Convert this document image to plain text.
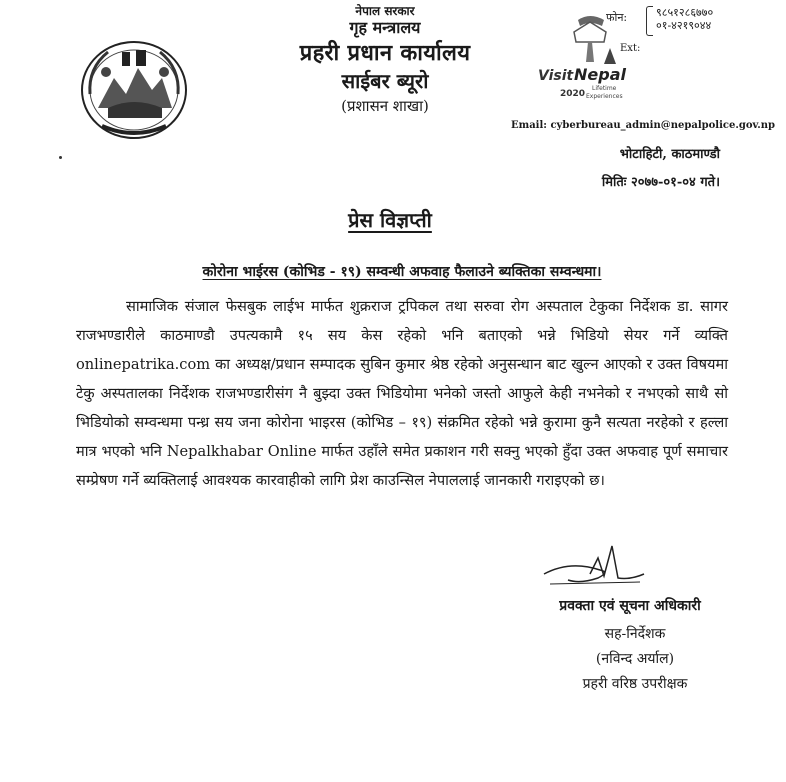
नेपाल सरकार
गृह मन्त्रालय
प्रहरी प्रधान कार्यालय
साईबर ब्यूरो
(प्रशासन शाखा)
फोन:	९८५१२८६७७०
०१-४२१९०४४
Ext:
Visit Nepal
2020
Lifetime
Experiences
Email: cyberbureau_admin@nepalpolice.gov.np
भोटाहिटी, काठमाण्डौ
मितिः २०७७-०१-०४ गते।
प्रेस विज्ञप्ती
कोरोना भाईरस (कोभिड - १९) सम्वन्धी अफवाह फैलाउने ब्यक्तिका सम्वन्धमा।
सामाजिक संजाल फेसबुक लाईभ मार्फत शुक्रराज ट्रपिकल तथा सरुवा रोग अस्पताल टेकुका निर्देशक डा. सागर राजभण्डारीले काठमाण्डौ उपत्यकामै १५ सय केस रहेको भनि बताएको भन्ने भिडियो सेयर गर्ने व्यक्ति onlinepatrika.com का अध्यक्ष/प्रधान सम्पादक सुबिन कुमार श्रेष्ठ रहेको अनुसन्धान बाट खुल्न आएको र उक्त विषयमा टेकु अस्पतालका निर्देशक राजभण्डारीसंग नै बुझ्दा उक्त भिडियोमा भनेको जस्तो आफुले केही नभनेको र नभएको साथै सो भिडियोको सम्वन्धमा पन्ध्र सय जना कोरोना भाइरस (कोभिड – १९) संक्रमित रहेको भन्ने कुरामा कुनै सत्यता नरहेको र हल्ला मात्र भएको भनि Nepalkhabar Online मार्फत उहाँले समेत प्रकाशन गरी सक्नु भएको हुँदा उक्त अफवाह पूर्ण समाचार सम्प्रेषण गर्ने ब्यक्तिलाई आवश्यक कारवाहीको लागि प्रेश काउन्सिल नेपाललाई जानकारी गराइएको छ।
प्रवक्ता एवं सूचना अधिकारी
सह-निर्देशक
(नविन्द अर्याल)
प्रहरी वरिष्ठ उपरीक्षक
